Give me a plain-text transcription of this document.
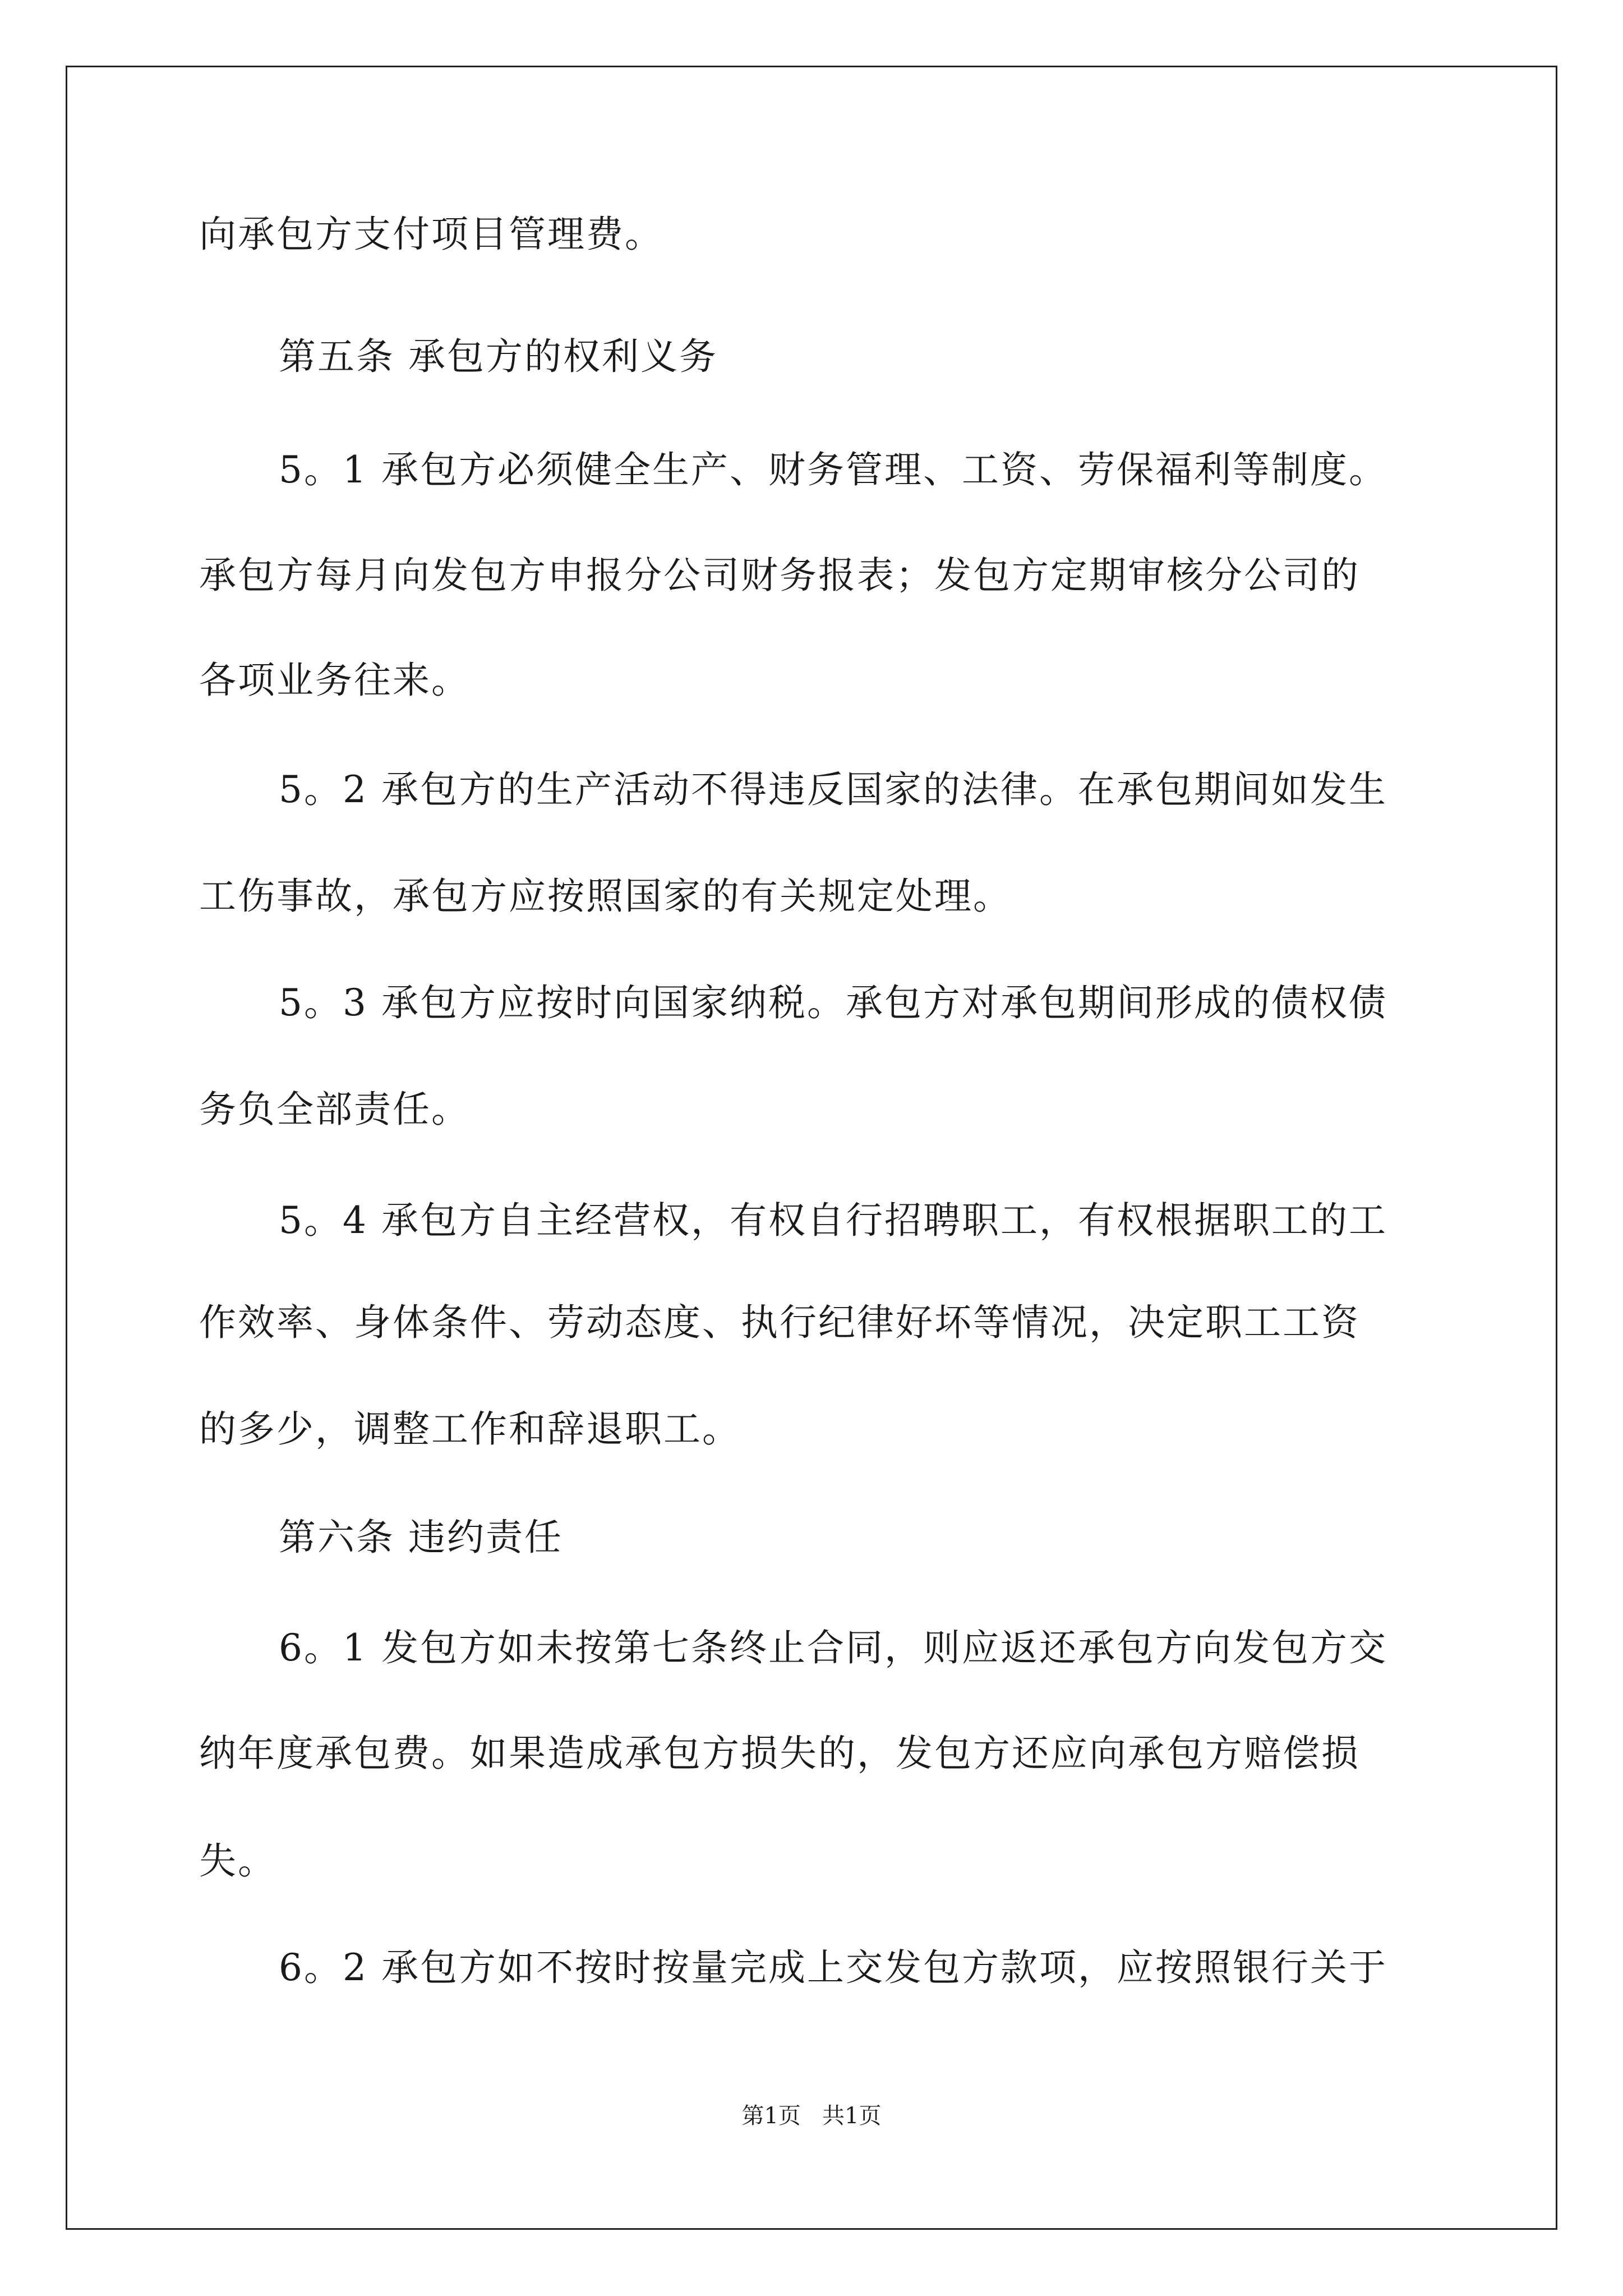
向承包方支付项目管理费。
第五条 承包方的权利义务
5。1 承包方必须健全生产、财务管理、工资、劳保福利等制度。
承包方每月向发包方申报分公司财务报表；发包方定期审核分公司的
各项业务往来。
5。2 承包方的生产活动不得违反国家的法律。在承包期间如发生
工伤事故，承包方应按照国家的有关规定处理。
5。3 承包方应按时向国家纳税。承包方对承包期间形成的债权债
务负全部责任。
5。4 承包方自主经营权，有权自行招聘职工，有权根据职工的工
作效率、身体条件、劳动态度、执行纪律好坏等情况，决定职工工资
的多少，调整工作和辞退职工。
第六条 违约责任
6。1 发包方如未按第七条终止合同，则应返还承包方向发包方交
纳年度承包费。如果造成承包方损失的，发包方还应向承包方赔偿损
失。
6。2 承包方如不按时按量完成上交发包方款项，应按照银行关于
第1页   共1页
